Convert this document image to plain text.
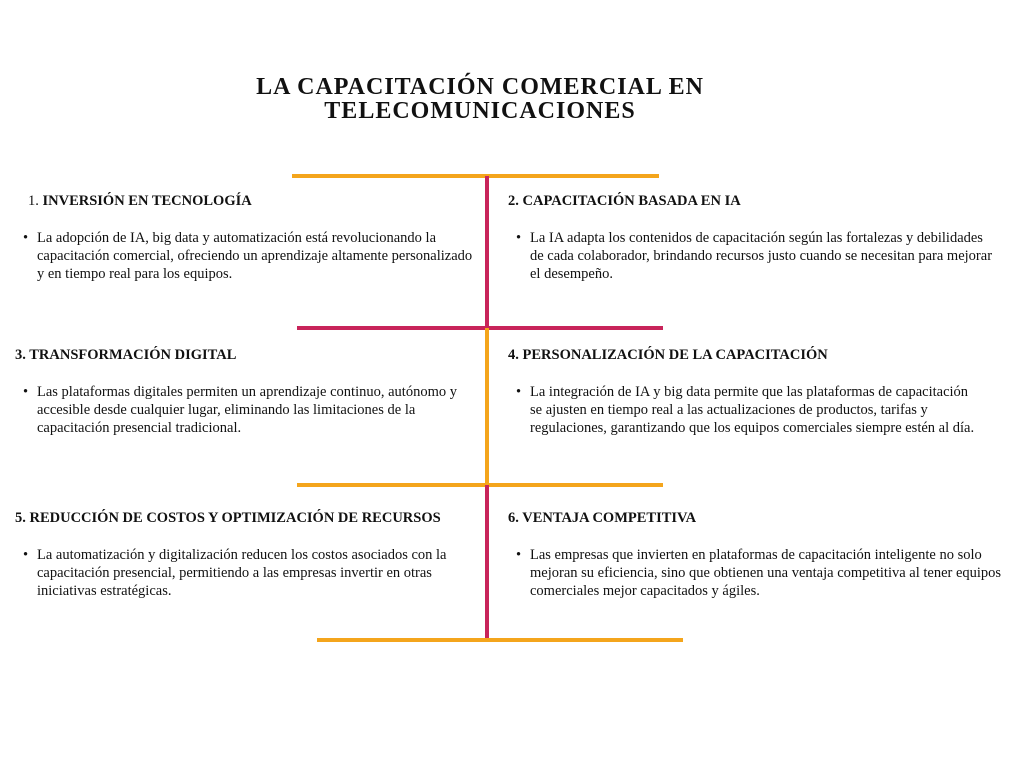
LA CAPACITACIÓN COMERCIAL EN
TELECOMUNICACIONES

1. INVERSIÓN EN TECNOLOGÍA

• La adopción de IA, big data y automatización está revolucionando la capacitación comercial, ofreciendo un aprendizaje altamente personalizado y en tiempo real para los equipos.

2. CAPACITACIÓN BASADA EN IA

• La IA adapta los contenidos de capacitación según las fortalezas y debilidades de cada colaborador, brindando recursos justo cuando se necesitan para mejorar el desempeño.

3. TRANSFORMACIÓN DIGITAL

• Las plataformas digitales permiten un aprendizaje continuo, autónomo y accesible desde cualquier lugar, eliminando las limitaciones de la capacitación presencial tradicional.

4. PERSONALIZACIÓN DE LA CAPACITACIÓN

• La integración de IA y big data permite que las plataformas de capacitación se ajusten en tiempo real a las actualizaciones de productos, tarifas y regulaciones, garantizando que los equipos comerciales siempre estén al día.

5. REDUCCIÓN DE COSTOS Y OPTIMIZACIÓN DE RECURSOS

• La automatización y digitalización reducen los costos asociados con la capacitación presencial, permitiendo a las empresas invertir en otras iniciativas estratégicas.

6. VENTAJA COMPETITIVA

• Las empresas que invierten en plataformas de capacitación inteligente no solo mejoran su eficiencia, sino que obtienen una ventaja competitiva al tener equipos comerciales mejor capacitados y ágiles.
